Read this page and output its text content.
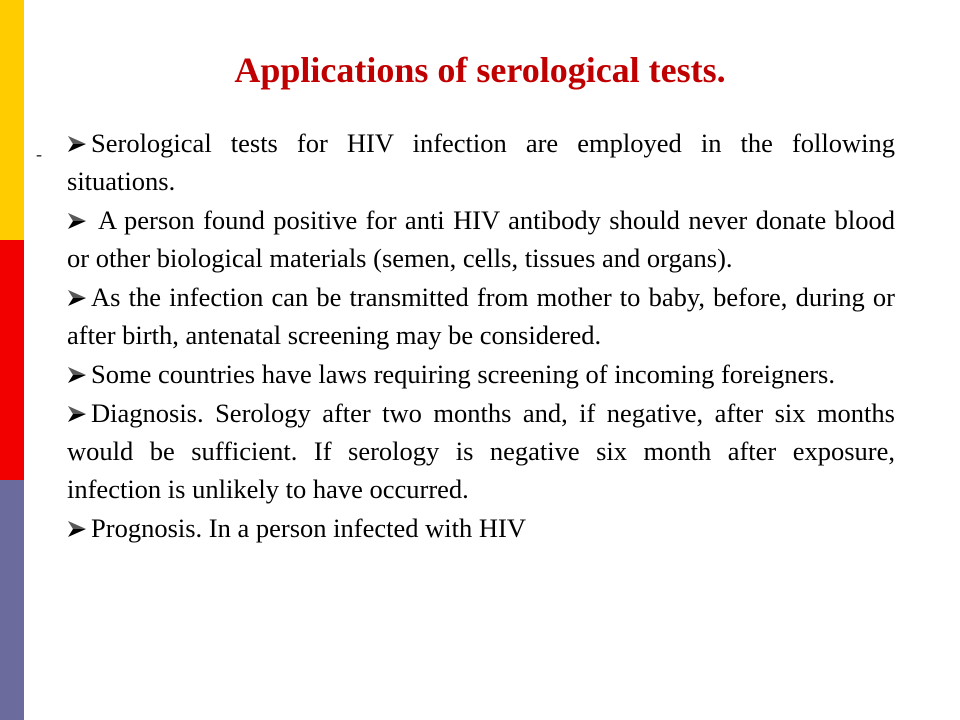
Applications of serological tests.
-	Serological tests for HIV infection are employed in the following situations.
A person found positive for anti HIV antibody should never donate blood or other biological materials (semen, cells, tissues and organs).
As the infection can be transmitted from mother to baby, before, during or after birth, antenatal screening may be considered.
Some countries have laws requiring screening of incoming foreigners.
Diagnosis. Serology after two months and, if negative, after six months would be sufficient. If serology is negative six month after exposure, infection is unlikely to have occurred.
Prognosis. In a person infected with HIV
